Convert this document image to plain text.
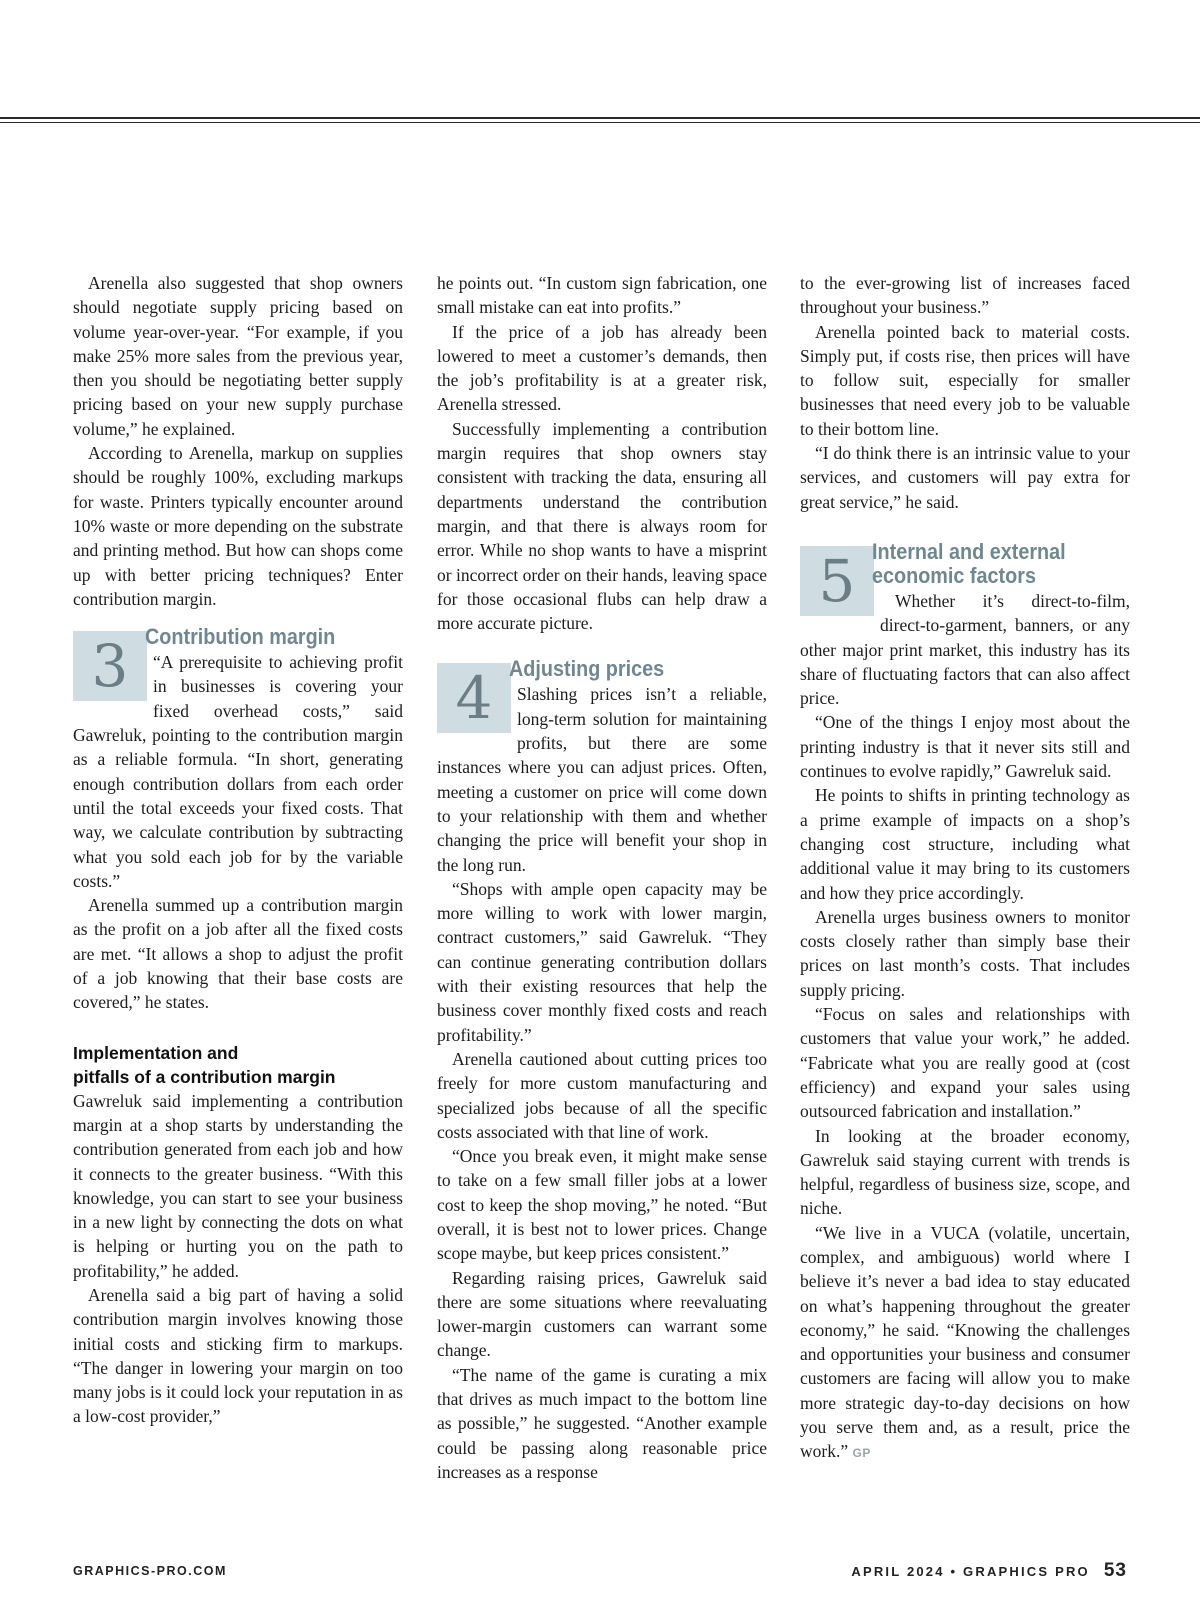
Arenella also suggested that shop owners should negotiate supply pricing based on volume year-over-year. “For example, if you make 25% more sales from the previous year, then you should be negotiating better supply pricing based on your new supply purchase volume,” he explained.

According to Arenella, markup on supplies should be roughly 100%, excluding markups for waste. Printers typically encounter around 10% waste or more depending on the substrate and printing method. But how can shops come up with better pricing techniques? Enter contribution margin.

3 Contribution margin

“A prerequisite to achieving profit in businesses is covering your fixed overhead costs,” said Gawreluk, pointing to the contribution margin as a reliable formula. “In short, generating enough contribution dollars from each order until the total exceeds your fixed costs. That way, we calculate contribution by subtracting what you sold each job for by the variable costs.”

Arenella summed up a contribution margin as the profit on a job after all the fixed costs are met. “It allows a shop to adjust the profit of a job knowing that their base costs are covered,” he states.

Implementation and
pitfalls of a contribution margin

Gawreluk said implementing a contribution margin at a shop starts by understanding the contribution generated from each job and how it connects to the greater business. “With this knowledge, you can start to see your business in a new light by connecting the dots on what is helping or hurting you on the path to profitability,” he added.

Arenella said a big part of having a solid contribution margin involves knowing those initial costs and sticking firm to markups. “The danger in lowering your margin on too many jobs is it could lock your reputation in as a low-cost provider,”

he points out. “In custom sign fabrication, one small mistake can eat into profits.”

If the price of a job has already been lowered to meet a customer’s demands, then the job’s profitability is at a greater risk, Arenella stressed.

Successfully implementing a contribution margin requires that shop owners stay consistent with tracking the data, ensuring all departments understand the contribution margin, and that there is always room for error. While no shop wants to have a misprint or incorrect order on their hands, leaving space for those occasional flubs can help draw a more accurate picture.

4 Adjusting prices

Slashing prices isn’t a reliable, long-term solution for maintaining profits, but there are some instances where you can adjust prices. Often, meeting a customer on price will come down to your relationship with them and whether changing the price will benefit your shop in the long run.

“Shops with ample open capacity may be more willing to work with lower margin, contract customers,” said Gawreluk. “They can continue generating contribution dollars with their existing resources that help the business cover monthly fixed costs and reach profitability.”

Arenella cautioned about cutting prices too freely for more custom manufacturing and specialized jobs because of all the specific costs associated with that line of work.

“Once you break even, it might make sense to take on a few small filler jobs at a lower cost to keep the shop moving,” he noted. “But overall, it is best not to lower prices. Change scope maybe, but keep prices consistent.”

Regarding raising prices, Gawreluk said there are some situations where reevaluating lower-margin customers can warrant some change.

“The name of the game is curating a mix that drives as much impact to the bottom line as possible,” he suggested. “Another example could be passing along reasonable price increases as a response

to the ever-growing list of increases faced throughout your business.”

Arenella pointed back to material costs. Simply put, if costs rise, then prices will have to follow suit, especially for smaller businesses that need every job to be valuable to their bottom line.

“I do think there is an intrinsic value to your services, and customers will pay extra for great service,” he said.

5 Internal and external
economic factors

Whether it’s direct-to-film, direct-to-garment, banners, or any other major print market, this industry has its share of fluctuating factors that can also affect price.

“One of the things I enjoy most about the printing industry is that it never sits still and continues to evolve rapidly,” Gawreluk said.

He points to shifts in printing technology as a prime example of impacts on a shop’s changing cost structure, including what additional value it may bring to its customers and how they price accordingly.

Arenella urges business owners to monitor costs closely rather than simply base their prices on last month’s costs. That includes supply pricing.

“Focus on sales and relationships with customers that value your work,” he added. “Fabricate what you are really good at (cost efficiency) and expand your sales using outsourced fabrication and installation.”

In looking at the broader economy, Gawreluk said staying current with trends is helpful, regardless of business size, scope, and niche.

“We live in a VUCA (volatile, uncertain, complex, and ambiguous) world where I believe it’s never a bad idea to stay educated on what’s happening throughout the greater economy,” he said. “Knowing the challenges and opportunities your business and consumer customers are facing will allow you to make more strategic day-to-day decisions on how you serve them and, as a result, price the work.” GP

GRAPHICS-PRO.COM	APRIL 2024 • GRAPHICS PRO 53
